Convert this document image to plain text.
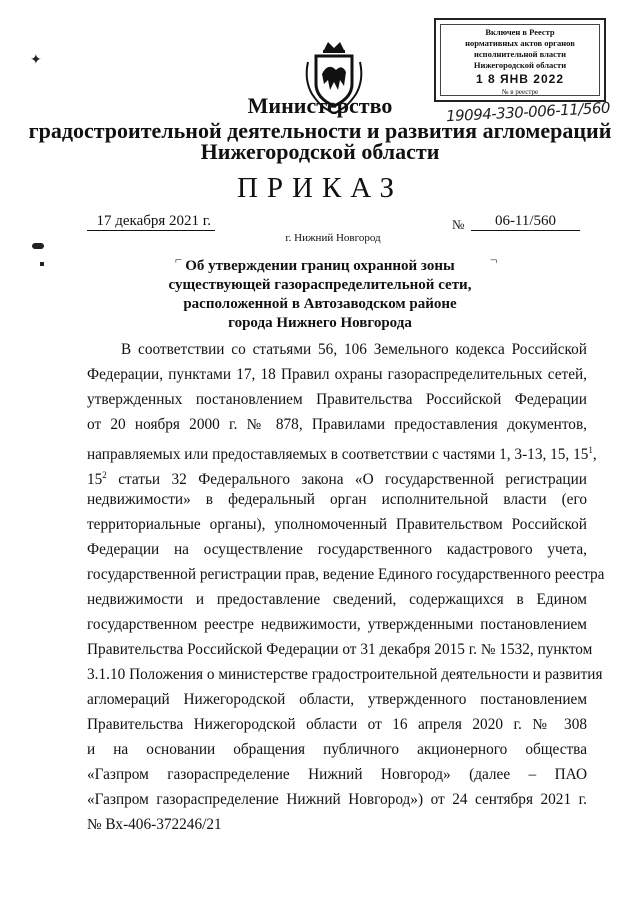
Включен в Реестр
нормативных актов органов
исполнительной власти
Нижегородской области
1 8 ЯНВ 2022
№ в реестре
19094-330-006-11/560
✦
Министерство
градостроительной деятельности и развития агломераций
Нижегородской области
ПРИКАЗ
17 декабря 2021 г.	№	06-11/560
г. Нижний Новгород
⌐	¬
Об утверждении границ охранной зоны
существующей газораспределительной сети,
расположенной в Автозаводском районе
города Нижнего Новгорода
В соответствии со статьями 56, 106 Земельного кодекса Российской
Федерации, пунктами 17, 18 Правил охраны газораспределительных сетей,
утвержденных постановлением Правительства Российской Федерации
от 20 ноября 2000 г. № 878, Правилами предоставления документов,
направляемых или предоставляемых в соответствии с частями 1, 3-13, 15, $15^1$,
$15^2$ статьи 32 Федерального закона «О государственной регистрации
недвижимости» в федеральный орган исполнительной власти (его
территориальные органы), уполномоченный Правительством Российской
Федерации на осуществление государственного кадастрового учета,
государственной регистрации прав, ведение Единого государственного реестра
недвижимости и предоставление сведений, содержащихся в Едином
государственном реестре недвижимости, утвержденными постановлением
Правительства Российской Федерации от 31 декабря 2015 г. № 1532, пунктом
3.1.10 Положения о министерстве градостроительной деятельности и развития
агломераций Нижегородской области, утвержденного постановлением
Правительства Нижегородской области от 16 апреля 2020 г. № 308
и на основании обращения публичного акционерного общества
«Газпром газораспределение Нижний Новгород» (далее – ПАО
«Газпром газораспределение Нижний Новгород») от 24 сентября 2021 г.
№ Вх-406-372246/21
